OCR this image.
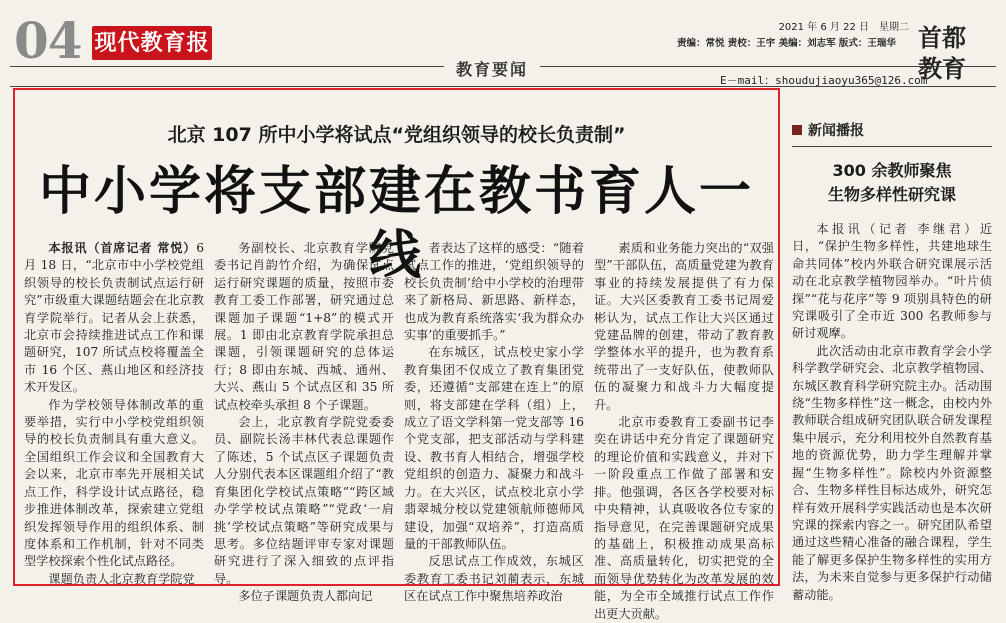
04 现代教育报
2021 年 6 月 22 日　星期二
责编：常悦 责校：王宇 美编：刘志军 版式：王瑞华 首都
教育
教育要闻
E－mail：shoudujiaoyu365@126.com
北京 107 所中小学将试点“党组织领导的校长负责制”
中小学将支部建在教书育人一线

本报讯（首席记者 常悦）6 月 18 日，“北京市中小学校党组织领导的校长负责制试点运行研究”市级重大课题结题会在北京教育学院举行。记者从会上获悉，北京市会持续推进试点工作和课题研究，107 所试点校将覆盖全市 16 个区、燕山地区和经济技术开发区。

作为学校领导体制改革的重要举措，实行中小学校党组织领导的校长负责制具有重大意义。全国组织工作会议和全国教育大会以来，北京市率先开展相关试点工作，科学设计试点路径，稳步推进体制改革，探索建立党组织发挥领导作用的组织体系、制度体系和工作机制，针对不同类型学校探索个性化试点路径。

课题负责人北京教育学院党

务副校长、北京教育学院党委书记肖韵竹介绍，为确保试点运行研究课题的质量，按照市委教育工委工作部署，研究通过总课题加子课题“1+8”的模式开展。1 即由北京教育学院承担总课题，引领课题研究的总体运行；8 即由东城、西城、通州、大兴、燕山 5 个试点区和 35 所试点校牵头承担 8 个子课题。

会上，北京教育学院党委委员、副院长汤丰林代表总课题作了陈述，5 个试点区子课题负责人分别代表本区课题组介绍了“教育集团化学校试点策略”“跨区域办学学校试点策略”“党政‘一肩挑’学校试点策略”等研究成果与思考。多位结题评审专家对课题研究进行了深入细致的点评指导。

多位子课题负责人都向记

者表达了这样的感受：“随着试点工作的推进，‘党组织领导的校长负责制’给中小学校的治理带来了新格局、新思路、新样态，也成为教育系统落实‘我为群众办实事’的重要抓手。”

在东城区，试点校史家小学教育集团不仅成立了教育集团党委，还遵循“支部建在连上”的原则，将支部建在学科（组）上，成立了语文学科第一党支部等 16 个党支部，把支部活动与学科建设、教书育人相结合，增强学校党组织的创造力、凝聚力和战斗力。在大兴区，试点校北京小学翡翠城分校以党建领航师德师风建设，加强“双培养”，打造高质量的干部教师队伍。

反思试点工作成效，东城区委教育工委书记刘蔺表示，东城区在试点工作中聚焦培养政治

素质和业务能力突出的“双强型”干部队伍，高质量党建为教育事业的持续发展提供了有力保证。大兴区委教育工委书记周爱彬认为，试点工作让大兴区通过党建品牌的创建，带动了教育教学整体水平的提升，也为教育系统带出了一支好队伍，使教师队伍的凝聚力和战斗力大幅度提升。

北京市委教育工委副书记李奕在讲话中充分肯定了课题研究的理论价值和实践意义，并对下一阶段重点工作做了部署和安排。他强调，各区各学校要对标中央精神，认真吸收各位专家的指导意见，在完善课题研究成果的基础上，积极推动成果高标准、高质量转化，切实把党的全面领导优势转化为改革发展的效能，为全市全域推行试点工作作出更大贡献。

新闻播报
300 余教师聚焦
生物多样性研究课

本报讯（记者 李继君）近日，“保护生物多样性，共建地球生命共同体”校内外联合研究课展示活动在北京教学植物园举办。“叶片侦探”“花与花序”等 9 项别具特色的研究课吸引了全市近 300 名教师参与研讨观摩。

此次活动由北京市教育学会小学科学教学研究会、北京教学植物园、东城区教育科学研究院主办。活动围绕“生物多样性”这一概念，由校内外教师联合组成研究团队联合研发课程集中展示，充分利用校外自然教育基地的资源优势，助力学生理解并掌握“生物多样性”。除校内外资源整合、生物多样性目标达成外，研究怎样有效开展科学实践活动也是本次研究课的探索内容之一。研究团队希望通过这些精心准备的融合课程，学生能了解更多保护生物多样性的实用方法，为未来自觉参与更多保护行动储蓄动能。
